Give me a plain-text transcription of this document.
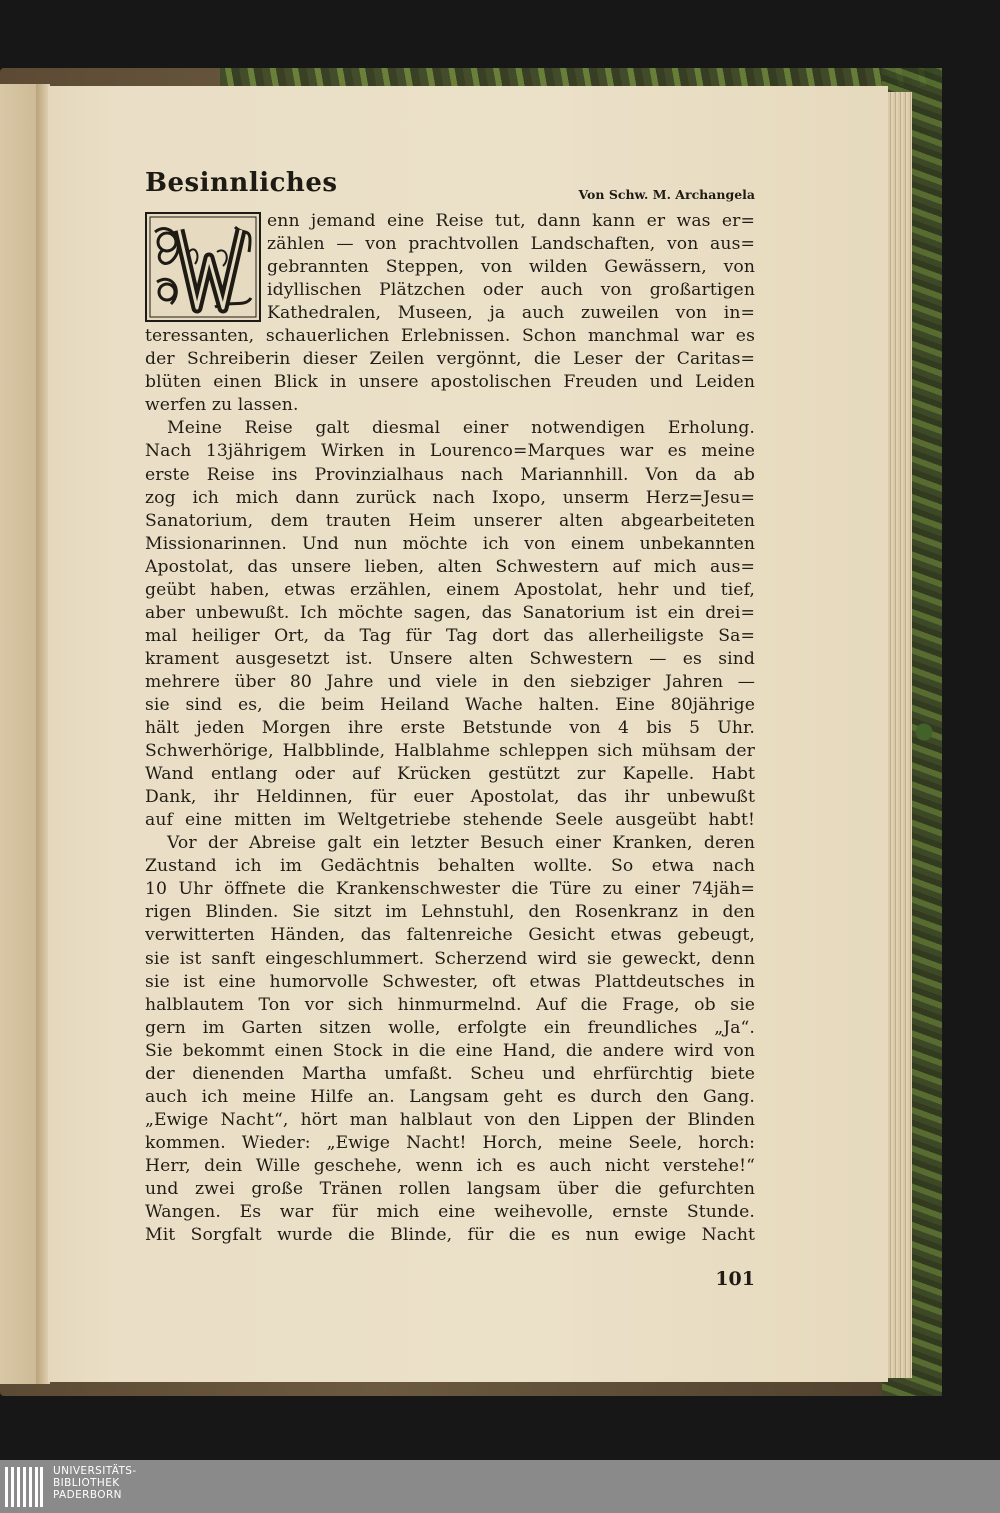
Besinnliches	Von Schw. M. Archangela

enn jemand eine Reise tut, dann kann er was er=
zählen — von prachtvollen Landschaften, von aus=
gebrannten Steppen, von wilden Gewässern, von
idyllischen Plätzchen oder auch von großartigen
Kathedralen, Museen, ja auch zuweilen von in=
teressanten, schauerlichen Erlebnissen. Schon manchmal war es
der Schreiberin dieser Zeilen vergönnt, die Leser der Caritas=
blüten einen Blick in unsere apostolischen Freuden und Leiden
werfen zu lassen.

Meine Reise galt diesmal einer notwendigen Erholung.
Nach 13jährigem Wirken in Lourenco=Marques war es meine
erste Reise ins Provinzialhaus nach Mariannhill. Von da ab
zog ich mich dann zurück nach Ixopo, unserm Herz=Jesu=
Sanatorium, dem trauten Heim unserer alten abgearbeiteten
Missionarinnen. Und nun möchte ich von einem unbekannten
Apostolat, das unsere lieben, alten Schwestern auf mich aus=
geübt haben, etwas erzählen, einem Apostolat, hehr und tief,
aber unbewußt. Ich möchte sagen, das Sanatorium ist ein drei=
mal heiliger Ort, da Tag für Tag dort das allerheiligste Sa=
krament ausgesetzt ist. Unsere alten Schwestern — es sind
mehrere über 80 Jahre und viele in den siebziger Jahren —
sie sind es, die beim Heiland Wache halten. Eine 80jährige
hält jeden Morgen ihre erste Betstunde von 4 bis 5 Uhr.
Schwerhörige, Halbblinde, Halblahme schleppen sich mühsam der
Wand entlang oder auf Krücken gestützt zur Kapelle. Habt
Dank, ihr Heldinnen, für euer Apostolat, das ihr unbewußt
auf eine mitten im Weltgetriebe stehende Seele ausgeübt habt!

Vor der Abreise galt ein letzter Besuch einer Kranken, deren
Zustand ich im Gedächtnis behalten wollte. So etwa nach
10 Uhr öffnete die Krankenschwester die Türe zu einer 74jäh=
rigen Blinden. Sie sitzt im Lehnstuhl, den Rosenkranz in den
verwitterten Händen, das faltenreiche Gesicht etwas gebeugt,
sie ist sanft eingeschlummert. Scherzend wird sie geweckt, denn
sie ist eine humorvolle Schwester, oft etwas Plattdeutsches in
halblautem Ton vor sich hinmurmelnd. Auf die Frage, ob sie
gern im Garten sitzen wolle, erfolgte ein freundliches „Ja“.
Sie bekommt einen Stock in die eine Hand, die andere wird von
der dienenden Martha umfaßt. Scheu und ehrfürchtig biete
auch ich meine Hilfe an. Langsam geht es durch den Gang.
„Ewige Nacht“, hört man halblaut von den Lippen der Blinden
kommen. Wieder: „Ewige Nacht! Horch, meine Seele, horch:
Herr, dein Wille geschehe, wenn ich es auch nicht verstehe!“
und zwei große Tränen rollen langsam über die gefurchten
Wangen. Es war für mich eine weihevolle, ernste Stunde.
Mit Sorgfalt wurde die Blinde, für die es nun ewige Nacht

101
UNIVERSITÄTS-
BIBLIOTHEK
PADERBORN
